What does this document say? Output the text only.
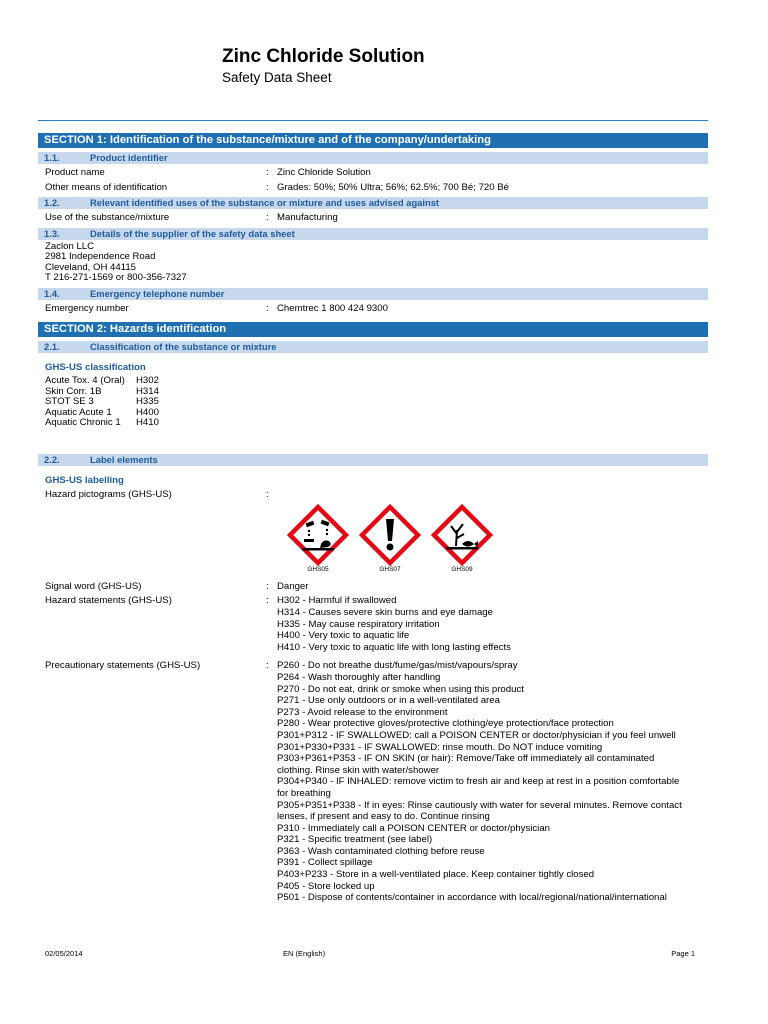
Zinc Chloride Solution
Safety Data Sheet
SECTION 1: Identification of the substance/mixture and of the company/undertaking
1.1.	Product identifier
Product name	: Zinc Chloride Solution
Other means of identification	: Grades: 50%; 50% Ultra; 56%; 62.5%; 700 Bé; 720 Bé
1.2.	Relevant identified uses of the substance or mixture and uses advised against
Use of the substance/mixture	: Manufacturing
1.3.	Details of the supplier of the safety data sheet
Zaclon LLC
2981 Independence Road
Cleveland, OH 44115
T 216-271-1569 or 800-356-7327
1.4.	Emergency telephone number
Emergency number	: Chemtrec 1 800 424 9300
SECTION 2: Hazards identification
2.1.	Classification of the substance or mixture
GHS-US classification
Acute Tox. 4 (Oral)	H302
Skin Corr. 1B	H314
STOT SE 3	H335
Aquatic Acute 1	H400
Aquatic Chronic 1	H410
2.2.	Label elements
GHS-US labelling
Hazard pictograms (GHS-US)	:

GHS05	GHS07	GHS09
Signal word (GHS-US)	: Danger
Hazard statements (GHS-US)	: H302 - Harmful if swallowed
H314 - Causes severe skin burns and eye damage
H335 - May cause respiratory irritation
H400 - Very toxic to aquatic life
H410 - Very toxic to aquatic life with long lasting effects
Precautionary statements (GHS-US)	: P260 - Do not breathe dust/fume/gas/mist/vapours/spray
P264 - Wash thoroughly after handling
P270 - Do not eat, drink or smoke when using this product
P271 - Use only outdoors or in a well-ventilated area
P273 - Avoid release to the environment
P280 - Wear protective gloves/protective clothing/eye protection/face protection
P301+P312 - IF SWALLOWED: call a POISON CENTER or doctor/physician if you feel unwell
P301+P330+P331 - IF SWALLOWED: rinse mouth. Do NOT induce vomiting
P303+P361+P353 - IF ON SKIN (or hair): Remove/Take off immediately all contaminated
clothing. Rinse skin with water/shower
P304+P340 - IF INHALED: remove victim to fresh air and keep at rest in a position comfortable
for breathing
P305+P351+P338 - If in eyes: Rinse cautiously with water for several minutes. Remove contact
lenses, if present and easy to do. Continue rinsing
P310 - Immediately call a POISON CENTER or doctor/physician
P321 - Specific treatment (see label)
P363 - Wash contaminated clothing before reuse
P391 - Collect spillage
P403+P233 - Store in a well-ventilated place. Keep container tightly closed
P405 - Store locked up
P501 - Dispose of contents/container in accordance with local/regional/national/international
02/05/2014	EN (English)	Page 1
